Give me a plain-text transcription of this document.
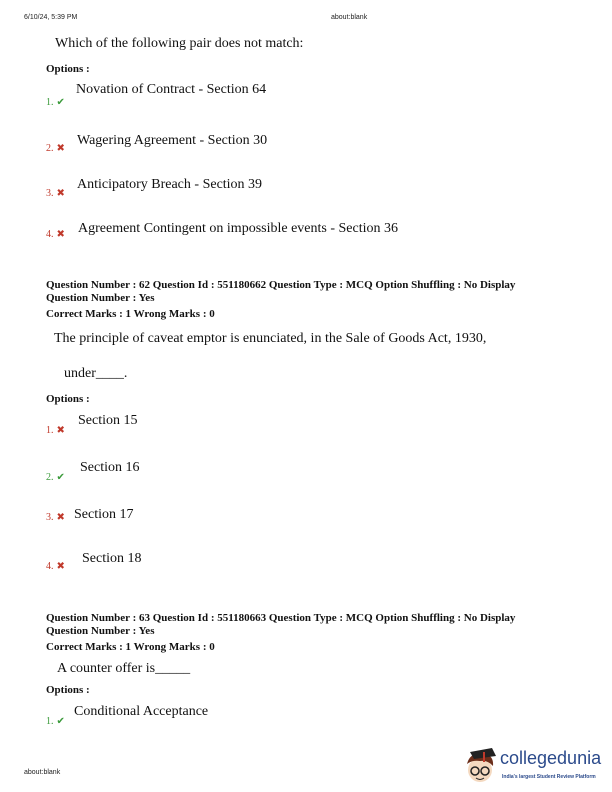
6/10/24, 5:39 PM	about:blank
Which of the following pair does not match:
Options :
Novation of Contract - Section 64
1. ✔
Wagering Agreement - Section 30
2. ✖
Anticipatory Breach - Section 39
3. ✖
Agreement Contingent on impossible events - Section 36
4. ✖
Question Number : 62 Question Id : 551180662 Question Type : MCQ Option Shuffling : No Display
Question Number : Yes
Correct Marks : 1 Wrong Marks : 0
The principle of caveat emptor is enunciated, in the Sale of Goods Act, 1930,
under____.
Options :
Section 15
1. ✖
Section 16
2. ✔
Section 17
3. ✖
Section 18
4. ✖
Question Number : 63 Question Id : 551180663 Question Type : MCQ Option Shuffling : No Display
Question Number : Yes
Correct Marks : 1 Wrong Marks : 0
A counter offer is_____
Options :
Conditional Acceptance
1. ✔
about:blank
collegedunia
India's largest Student Review Platform
